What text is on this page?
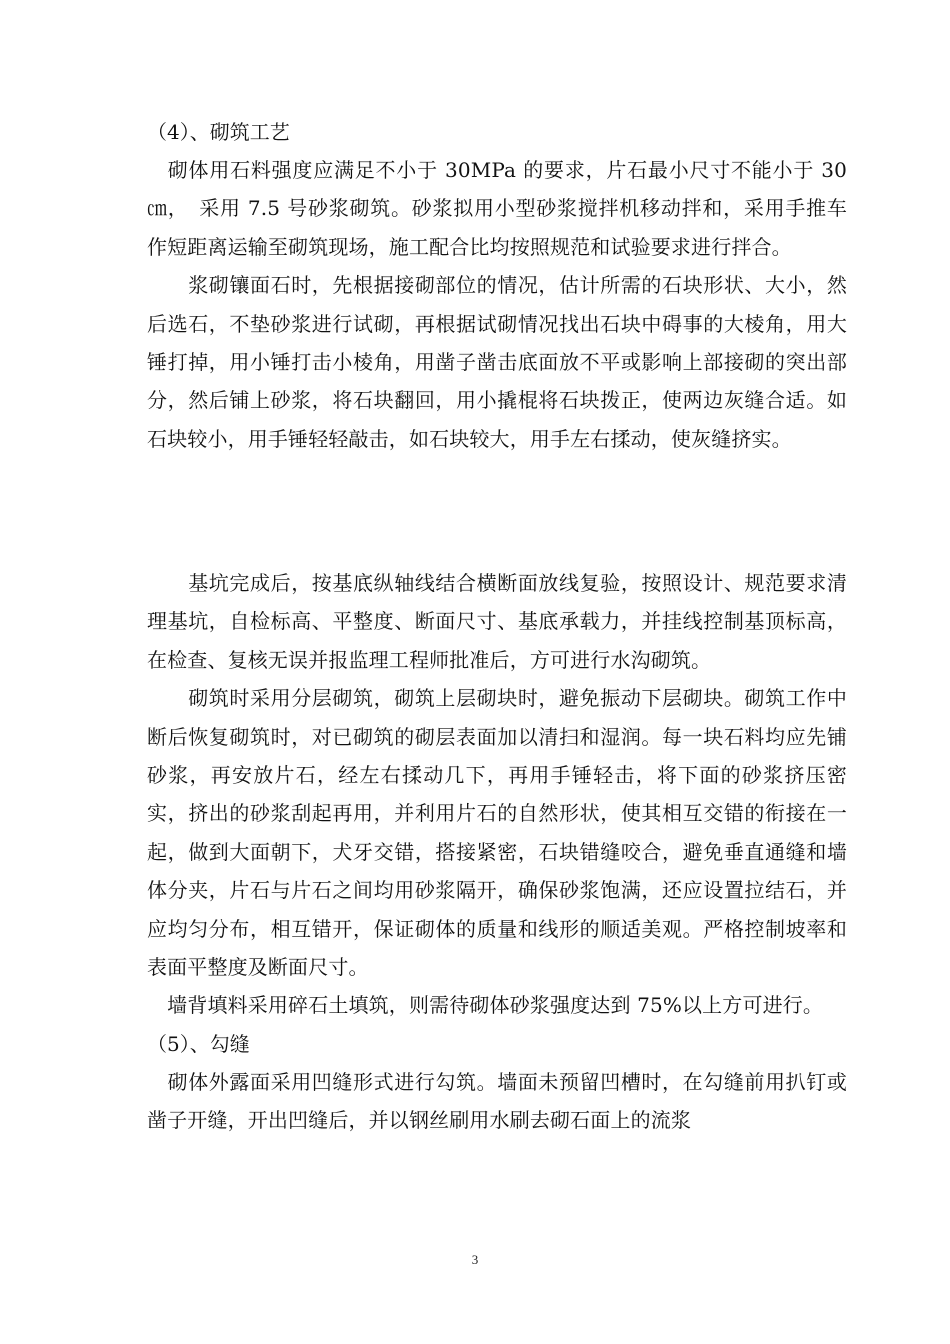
（4）、砌筑工艺

　砌体用石料强度应满足不小于 30MPa 的要求，片石最小尺寸不能小于 30 ㎝，　采用 7.5 号砂浆砌筑。砂浆拟用小型砂浆搅拌机移动拌和，采用手推车作短距离运输至砌筑现场，施工配合比均按照规范和试验要求进行拌合。

　　浆砌镶面石时，先根据接砌部位的情况，估计所需的石块形状、大小，然后选石，不垫砂浆进行试砌，再根据试砌情况找出石块中碍事的大棱角，用大锤打掉，用小锤打击小棱角，用凿子凿击底面放不平或影响上部接砌的突出部分，然后铺上砂浆，将石块翻回，用小撬棍将石块拨正，使两边灰缝合适。如石块较小，用手锤轻轻敲击，如石块较大，用手左右揉动，使灰缝挤实。

　　基坑完成后，按基底纵轴线结合横断面放线复验，按照设计、规范要求清理基坑，自检标高、平整度、断面尺寸、基底承载力，并挂线控制基顶标高，在检查、复核无误并报监理工程师批准后，方可进行水沟砌筑。

　　砌筑时采用分层砌筑，砌筑上层砌块时，避免振动下层砌块。砌筑工作中断后恢复砌筑时，对已砌筑的砌层表面加以清扫和湿润。每一块石料均应先铺砂浆，再安放片石，经左右揉动几下，再用手锤轻击，将下面的砂浆挤压密实，挤出的砂浆刮起再用，并利用片石的自然形状，使其相互交错的衔接在一起，做到大面朝下，犬牙交错，搭接紧密，石块错缝咬合，避免垂直通缝和墙体分夹，片石与片石之间均用砂浆隔开，确保砂浆饱满，还应设置拉结石，并应均匀分布，相互错开，保证砌体的质量和线形的顺适美观。严格控制坡率和表面平整度及断面尺寸。

　墙背填料采用碎石土填筑，则需待砌体砂浆强度达到 75%以上方可进行。

（5）、勾缝

　砌体外露面采用凹缝形式进行勾筑。墙面未预留凹槽时，在勾缝前用扒钉或凿子开缝，开出凹缝后，并以钢丝刷用水刷去砌石面上的流浆

3
